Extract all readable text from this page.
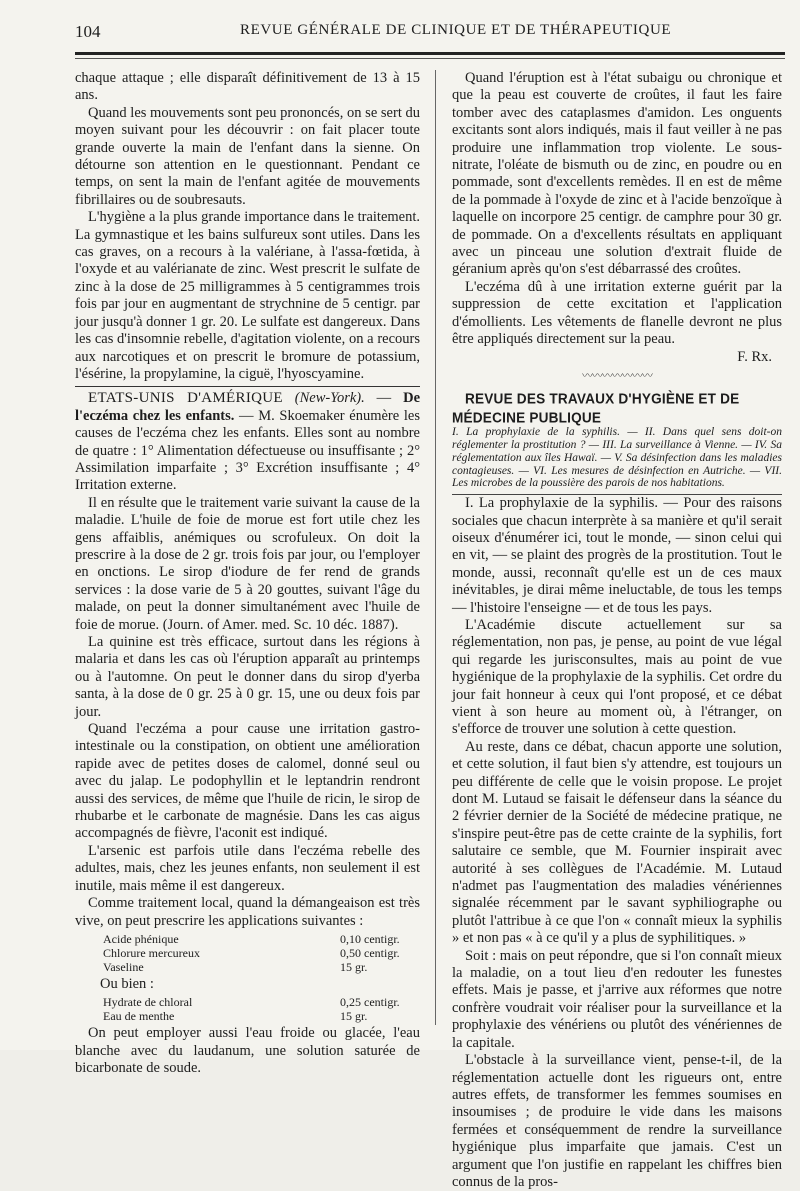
104	REVUE GÉNÉRALE DE CLINIQUE ET DE THÉRAPEUTIQUE

chaque attaque ; elle disparaît définitivement de 13 à 15 ans.

Quand les mouvements sont peu prononcés, on se sert du moyen suivant pour les découvrir : on fait placer toute grande ouverte la main de l'enfant dans la sienne. On détourne son attention en le questionnant. Pendant ce temps, on sent la main de l'enfant agitée de mouvements fibrillaires ou de soubresauts.

L'hygiène a la plus grande importance dans le traitement. La gymnastique et les bains sulfureux sont utiles. Dans les cas graves, on a recours à la valériane, à l'assa-fœtida, à l'oxyde et au valérianate de zinc. West prescrit le sulfate de zinc à la dose de 25 milligrammes à 5 centigrammes trois fois par jour en augmentant de strychnine de 5 centigr. par jour jusqu'à donner 1 gr. 20. Le sulfate est dangereux. Dans les cas d'insomnie rebelle, d'agitation violente, on a recours aux narcotiques et on prescrit le bromure de potassium, l'ésérine, la propylamine, la ciguë, l'hyoscyamine.

ETATS-UNIS D'AMÉRIQUE (New-York). — De l'eczéma chez les enfants. — M. Skoemaker énumère les causes de l'eczéma chez les enfants. Elles sont au nombre de quatre : 1° Alimentation défectueuse ou insuffisante ; 2° Assimilation imparfaite ; 3° Excrétion insuffisante ; 4° Irritation externe.

Il en résulte que le traitement varie suivant la cause de la maladie. L'huile de foie de morue est fort utile chez les gens affaiblis, anémiques ou scrofuleux. On doit la prescrire à la dose de 2 gr. trois fois par jour, ou l'employer en onctions. Le sirop d'iodure de fer rend de grands services : la dose varie de 5 à 20 gouttes, suivant l'âge du malade, on peut la donner simultanément avec l'huile de foie de morue. (Journ. of Amer. med. Sc. 10 déc. 1887).

La quinine est très efficace, surtout dans les régions à malaria et dans les cas où l'éruption apparaît au printemps ou à l'automne. On peut le donner dans du sirop d'yerba santa, à la dose de 0 gr. 25 à 0 gr. 15, une ou deux fois par jour.

Quand l'eczéma a pour cause une irritation gastro-intestinale ou la constipation, on obtient une amélioration rapide avec de petites doses de calomel, donné seul ou avec du jalap. Le podophyllin et le leptandrin rendront aussi des services, de même que l'huile de ricin, le sirop de rhubarbe et le carbonate de magnésie. Dans les cas aigus accompagnés de fièvre, l'aconit est indiqué.

L'arsenic est parfois utile dans l'eczéma rebelle des adultes, mais, chez les jeunes enfants, non seulement il est inutile, mais même il est dangereux.

Comme traitement local, quand la démangeaison est très vive, on peut prescrire les applications suivantes :

Acide phénique	0,10 centigr.
Chlorure mercureux	0,50 centigr.
Vaseline	15 gr.

Ou bien :

Hydrate de chloral	0,25 centigr.
Eau de menthe	15 gr.

On peut employer aussi l'eau froide ou glacée, l'eau blanche avec du laudanum, une solution saturée de bicarbonate de soude.

Quand l'éruption est à l'état subaigu ou chronique et que la peau est couverte de croûtes, il faut les faire tomber avec des cataplasmes d'amidon. Les onguents excitants sont alors indiqués, mais il faut veiller à ne pas produire une inflammation trop violente. Le sous-nitrate, l'oléate de bismuth ou de zinc, en poudre ou en pommade, sont d'excellents remèdes. Il en est de même de la pommade à l'oxyde de zinc et à l'acide benzoïque à laquelle on incorpore 25 centigr. de camphre pour 30 gr. de pommade. On a d'excellents résultats en appliquant avec un pinceau une solution d'extrait fluide de géranium après qu'on s'est débarrassé des croûtes.

L'eczéma dû à une irritation externe guérit par la suppression de cette excitation et l'application d'émollients. Les vêtements de flanelle devront ne plus être appliqués directement sur la peau.

F. Rx.

〰〰〰〰〰〰〰

REVUE DES TRAVAUX D'HYGIÈNE ET DE MÉDECINE PUBLIQUE

I. La prophylaxie de la syphilis. — II. Dans quel sens doit-on réglementer la prostitution ? — III. La surveillance à Vienne. — IV. Sa réglementation aux îles Hawaï. — V. Sa désinfection dans les maladies contagieuses. — VI. Les mesures de désinfection en Autriche. — VII. Les microbes de la poussière des parois de nos habitations.

I. La prophylaxie de la syphilis. — Pour des raisons sociales que chacun interprète à sa manière et qu'il serait oiseux d'énumérer ici, tout le monde, — sinon celui qui en vit, — se plaint des progrès de la prostitution. Tout le monde, aussi, reconnaît qu'elle est un de ces maux inévitables, je dirai même ineluctable, de tous les temps — l'histoire l'enseigne — et de tous les pays.

L'Académie discute actuellement sur sa réglementation, non pas, je pense, au point de vue légal qui regarde les jurisconsultes, mais au point de vue hygiénique de la prophylaxie de la syphilis. Cet ordre du jour fait honneur à ceux qui l'ont proposé, et ce débat vient à son heure au moment où, à l'étranger, on s'efforce de trouver une solution à cette question.

Au reste, dans ce débat, chacun apporte une solution, et cette solution, il faut bien s'y attendre, est toujours un peu différente de celle que le voisin propose. Le projet dont M. Lutaud se faisait le défenseur dans la séance du 2 février dernier de la Société de médecine pratique, ne s'inspire peut-être pas de cette crainte de la syphilis, fort salutaire ce semble, que M. Fournier inspirait avec autorité à ses collègues de l'Académie. M. Lutaud n'admet pas l'augmentation des maladies vénériennes signalée récemment par le savant syphiliographe ou plutôt l'attribue à ce que l'on « connaît mieux la syphilis » et non pas « à ce qu'il y a plus de syphilitiques. »

Soit : mais on peut répondre, que si l'on connaît mieux la maladie, on a tout lieu d'en redouter les funestes effets. Mais je passe, et j'arrive aux réformes que notre confrère voudrait voir réaliser pour la surveillance et la prophylaxie des vénériens ou plutôt des vénériennes de la capitale.

L'obstacle à la surveillance vient, pense-t-il, de la réglementation actuelle dont les rigueurs ont, entre autres effets, de transformer les femmes soumises en insoumises ; de produire le vide dans les maisons fermées et conséquemment de rendre la surveillance hygiénique plus imparfaite que jamais. C'est un argument que l'on justifie en rappelant les chiffres bien connus de la pros-
